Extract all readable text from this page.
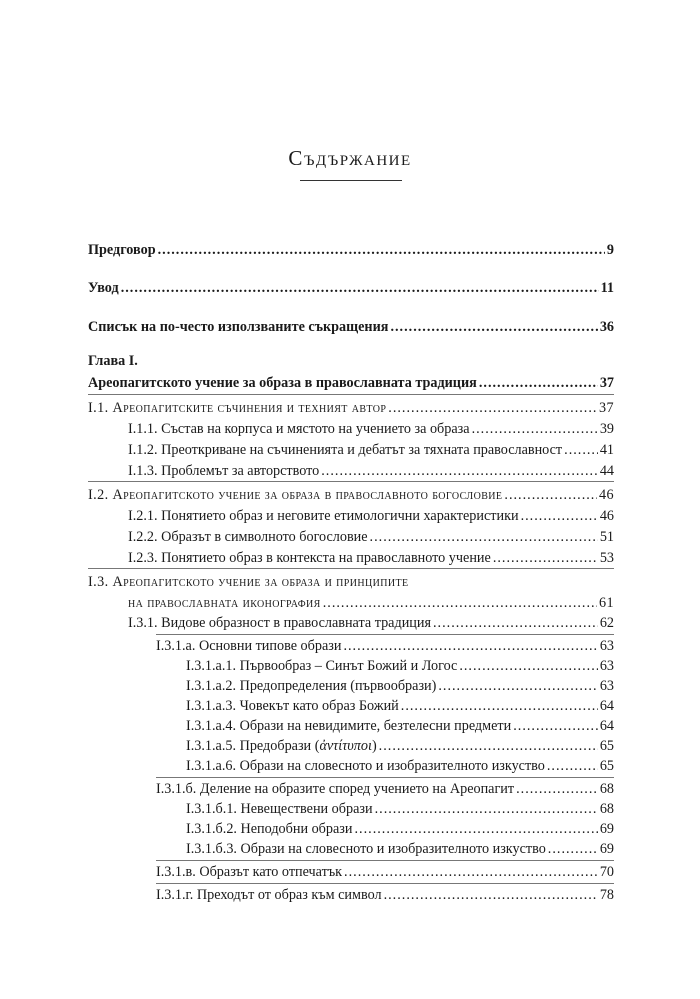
Съдържание
Предговор .....	9
Увод .....	11
Списък на по-често използваните съкращения .....	36
Глава I.
Ареопагитското учение за образа в православната традиция .....	37
I.1. Ареопагитските съчинения и техният автор .....	37
I.1.1. Състав на корпуса и мястото на учението за образа .....	39
I.1.2. Преоткриване на съчиненията и дебатът за тяхната православност .....	41
I.1.3. Проблемът за авторството .....	44
I.2. Ареопагитското учение за образа в православното богословие .....	46
I.2.1. Понятието образ и неговите етимологични характеристики .....	46
I.2.2. Образът в символното богословие .....	51
I.2.3. Понятието образ в контекста на православното учение .....	53
I.3. Ареопагитското учение за образа и принципите
на православната иконография .....	61
I.3.1. Видове образност в православната традиция .....	62
I.3.1.а. Основни типове образи .....	63
I.3.1.а.1. Първообраз – Синът Божий и Логос .....	63
I.3.1.а.2. Предопределения (първообрази) .....	63
I.3.1.а.3. Човекът като образ Божий .....	64
I.3.1.а.4. Образи на невидимите, безтелесни предмети .....	64
I.3.1.а.5. Предобрази (ἀντίτυποι) .....	65
I.3.1.а.6. Образи на словесното и изобразителното изкуство .....	65
I.3.1.б. Деление на образите според учението на Ареопагит .....	68
I.3.1.б.1. Невеществени образи .....	68
I.3.1.б.2. Неподобни образи .....	69
I.3.1.б.3. Образи на словесното и изобразителното изкуство .....	69
I.3.1.в. Образът като отпечатък .....	70
I.3.1.г. Преходът от образ към символ .....	78
